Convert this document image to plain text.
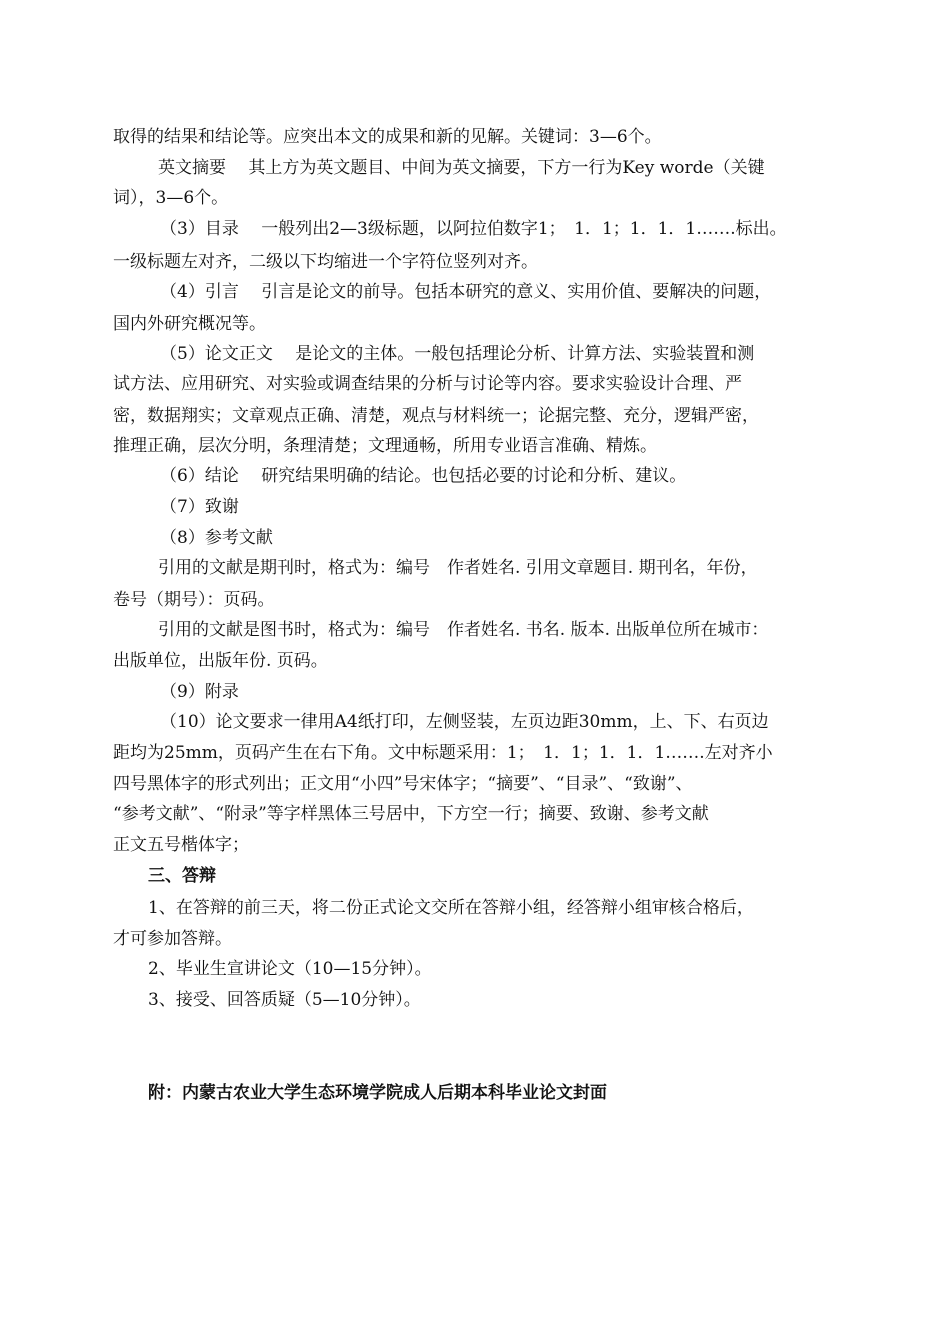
取得的结果和结论等。应突出本文的成果和新的见解。关键词：3—6个。
英文摘要 　其上方为英文题目、中间为英文摘要，下方一行为Key worde（关键
词），3—6个。
（3）目录 　一般列出2—3级标题，以阿拉伯数字1；　1．1；1．1．1…….标出。
一级标题左对齐，二级以下均缩进一个字符位竖列对齐。
（4）引言 　引言是论文的前导。包括本研究的意义、实用价值、要解决的问题，
国内外研究概况等。
（5）论文正文 　是论文的主体。一般包括理论分析、计算方法、实验装置和测
试方法、应用研究、对实验或调查结果的分析与讨论等内容。要求实验设计合理、严
密，数据翔实；文章观点正确、清楚，观点与材料统一；论据完整、充分，逻辑严密，
推理正确，层次分明，条理清楚；文理通畅，所用专业语言准确、精炼。
（6）结论 　研究结果明确的结论。也包括必要的讨论和分析、建议。
（7）致谢
（8）参考文献
引用的文献是期刊时，格式为：编号　作者姓名. 引用文章题目. 期刊名，年份，
卷号（期号）：页码。
引用的文献是图书时，格式为：编号　作者姓名. 书名. 版本. 出版单位所在城市：
出版单位，出版年份. 页码。
（9）附录
（10）论文要求一律用A4纸打印，左侧竖装，左页边距30mm，上、下、右页边
距均为25mm，页码产生在右下角。文中标题采用：1；　1．1；1．1．1…….左对齐小
四号黑体字的形式列出；正文用“小四”号宋体字；“摘要”、“目录”、“致谢”、
“参考文献”、“附录”等字样黑体三号居中，下方空一行；摘要、致谢、参考文献
正文五号楷体字；
三、答辩
1、在答辩的前三天，将二份正式论文交所在答辩小组，经答辩小组审核合格后，
才可参加答辩。
2、毕业生宣讲论文（10—15分钟）。
3、接受、回答质疑（5—10分钟）。
附：内蒙古农业大学生态环境学院成人后期本科毕业论文封面
